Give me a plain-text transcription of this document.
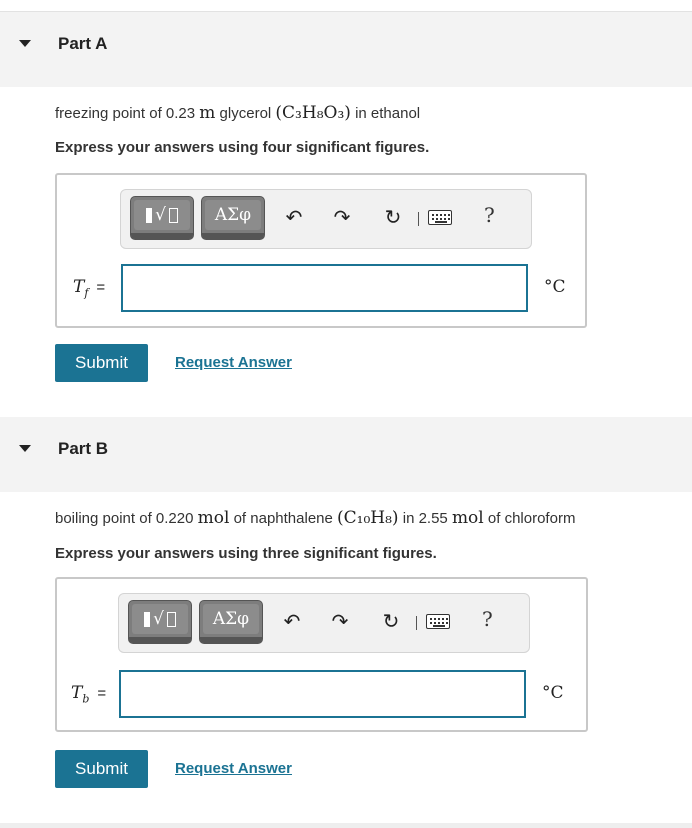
Part A
freezing point of 0.23 m glycerol (C₃H₈O₃) in ethanol
Express your answers using four significant figures.
√	ΑΣφ ↶ ↷ ↻	?
$T_f$ =	°C
Submit	Request Answer
Part B
boiling point of 0.220 mol of naphthalene (C₁₀H₈) in 2.55 mol of chloroform
Express your answers using three significant figures.
√	ΑΣφ ↶ ↷ ↻	?
$T_b$ =	°C
Submit	Request Answer
